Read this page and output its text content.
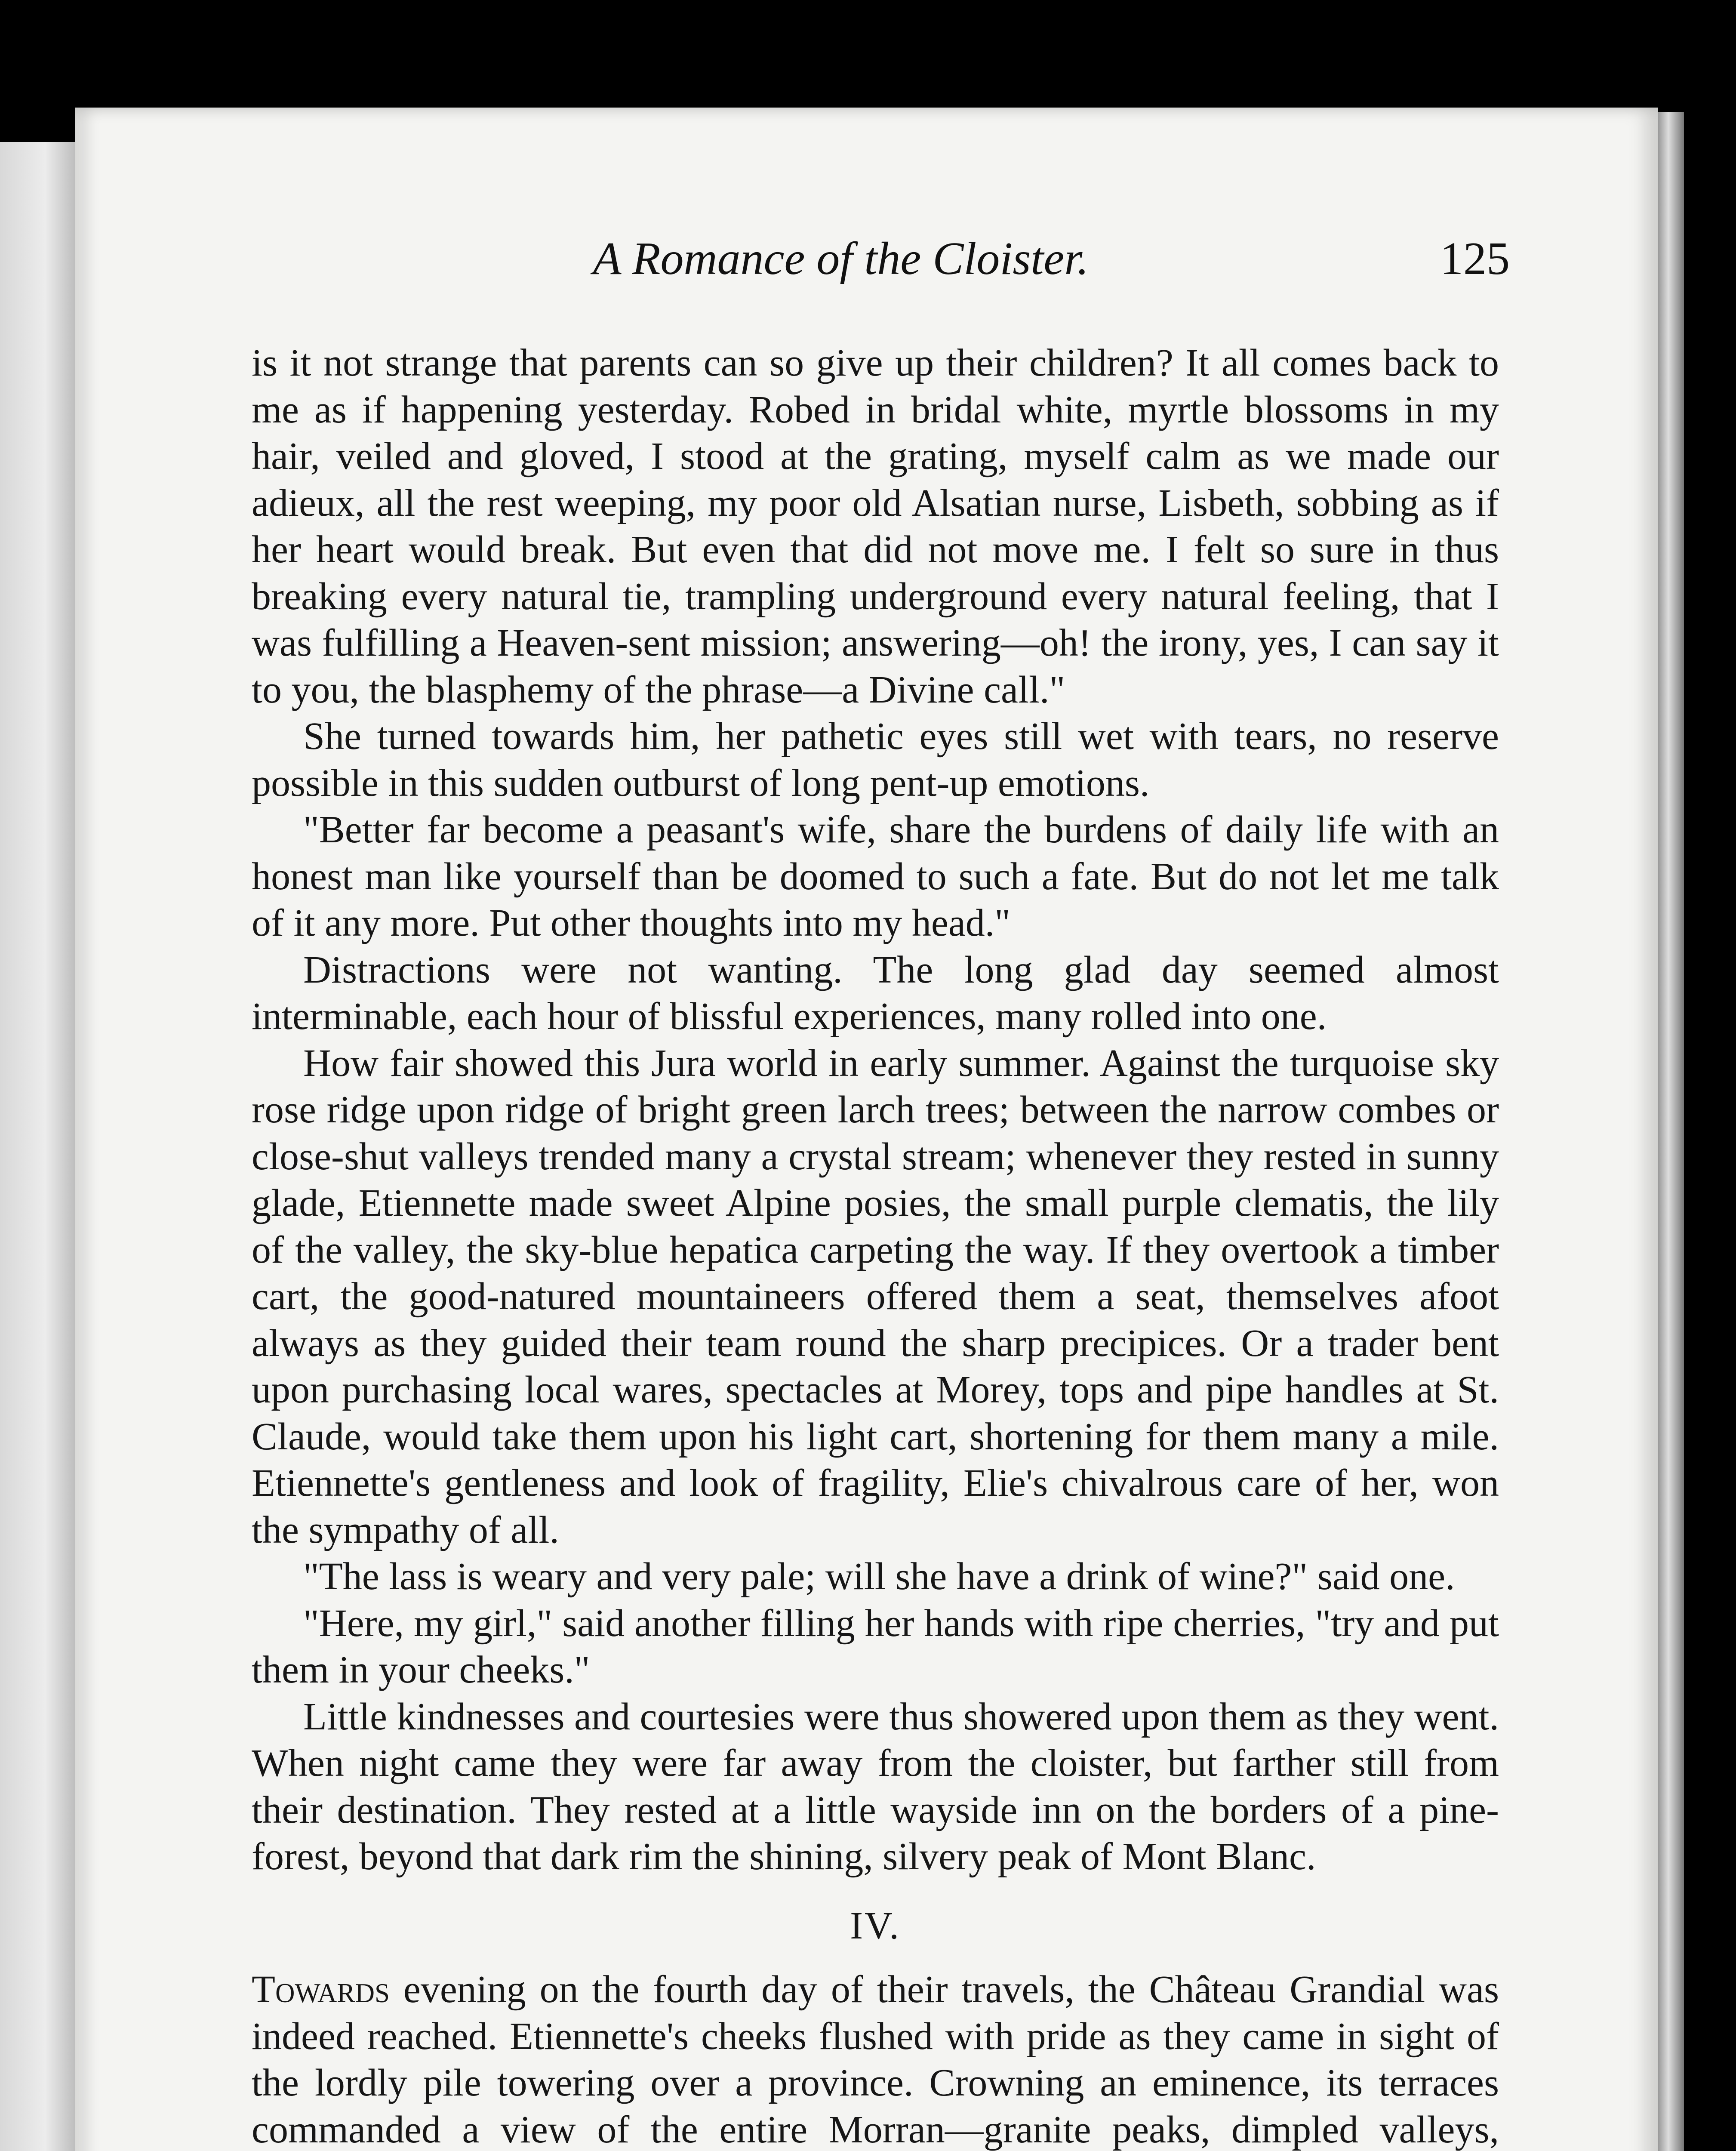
A Romance of the Cloister.	125

is it not strange that parents can so give up their children? It all comes back to me as if happening yesterday. Robed in bridal white, myrtle blossoms in my hair, veiled and gloved, I stood at the grating, myself calm as we made our adieux, all the rest weeping, my poor old Alsatian nurse, Lisbeth, sobbing as if her heart would break. But even that did not move me. I felt so sure in thus breaking every natural tie, trampling underground every natural feeling, that I was fulfilling a Heaven-sent mission; answering—oh! the irony, yes, I can say it to you, the blasphemy of the phrase—a Divine call."

She turned towards him, her pathetic eyes still wet with tears, no reserve possible in this sudden outburst of long pent-up emotions.

"Better far become a peasant's wife, share the burdens of daily life with an honest man like yourself than be doomed to such a fate. But do not let me talk of it any more. Put other thoughts into my head."

Distractions were not wanting. The long glad day seemed almost interminable, each hour of blissful experiences, many rolled into one.

How fair showed this Jura world in early summer. Against the turquoise sky rose ridge upon ridge of bright green larch trees; between the narrow combes or close-shut valleys trended many a crystal stream; whenever they rested in sunny glade, Etiennette made sweet Alpine posies, the small purple clematis, the lily of the valley, the sky-blue hepatica carpeting the way. If they overtook a timber cart, the good-natured mountaineers offered them a seat, themselves afoot always as they guided their team round the sharp precipices. Or a trader bent upon purchasing local wares, spectacles at Morey, tops and pipe handles at St. Claude, would take them upon his light cart, shortening for them many a mile. Etiennette's gentleness and look of fragility, Elie's chivalrous care of her, won the sympathy of all.

"The lass is weary and very pale; will she have a drink of wine?" said one.

"Here, my girl," said another filling her hands with ripe cherries, "try and put them in your cheeks."

Little kindnesses and courtesies were thus showered upon them as they went. When night came they were far away from the cloister, but farther still from their destination. They rested at a little wayside inn on the borders of a pine-forest, beyond that dark rim the shining, silvery peak of Mont Blanc.

IV.

Towards evening on the fourth day of their travels, the Château Grandial was indeed reached. Etiennette's cheeks flushed with pride as they came in sight of the lordly pile towering over a province. Crowning an eminence, its terraces commanded a view of the entire Morran—granite peaks, dimpled valleys,
